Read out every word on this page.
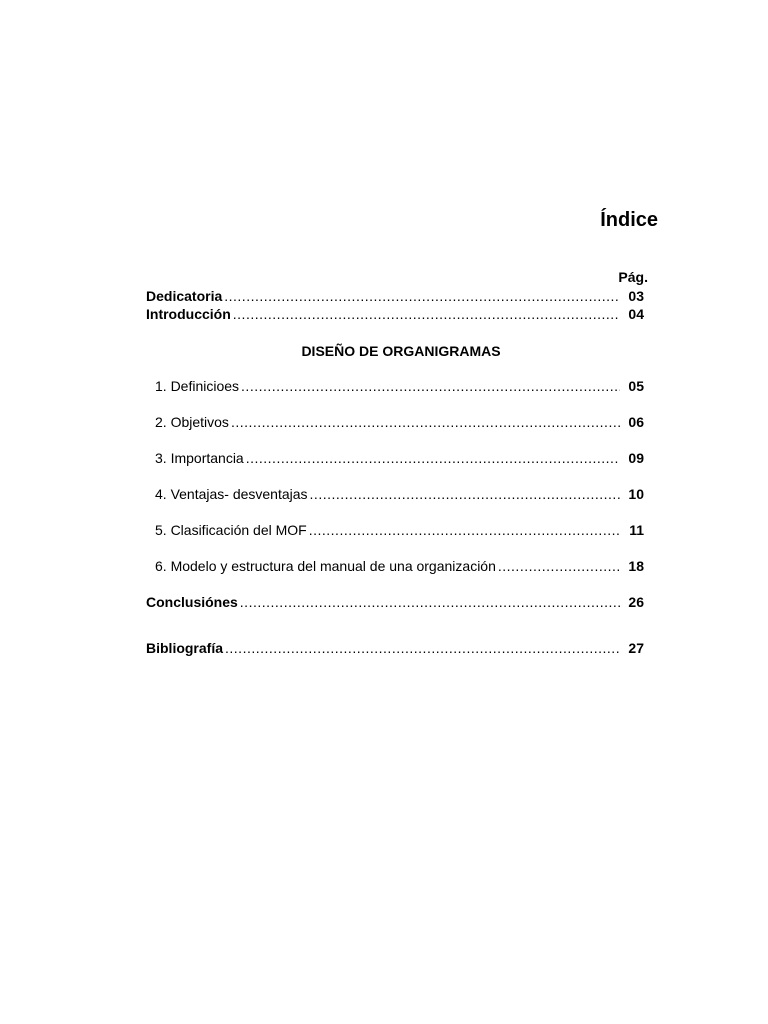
Índice
Pág.
Dedicatoria .....	03
Introducción .....	04
DISEÑO DE ORGANIGRAMAS
1. Definicioes .....	05
2. Objetivos .....	06
3. Importancia .....	09
4. Ventajas- desventajas .....	10
5. Clasificación del MOF .....	11
6. Modelo y estructura del manual de una organización .....	18
Conclusiónes .....	26
Bibliografía .....	27
